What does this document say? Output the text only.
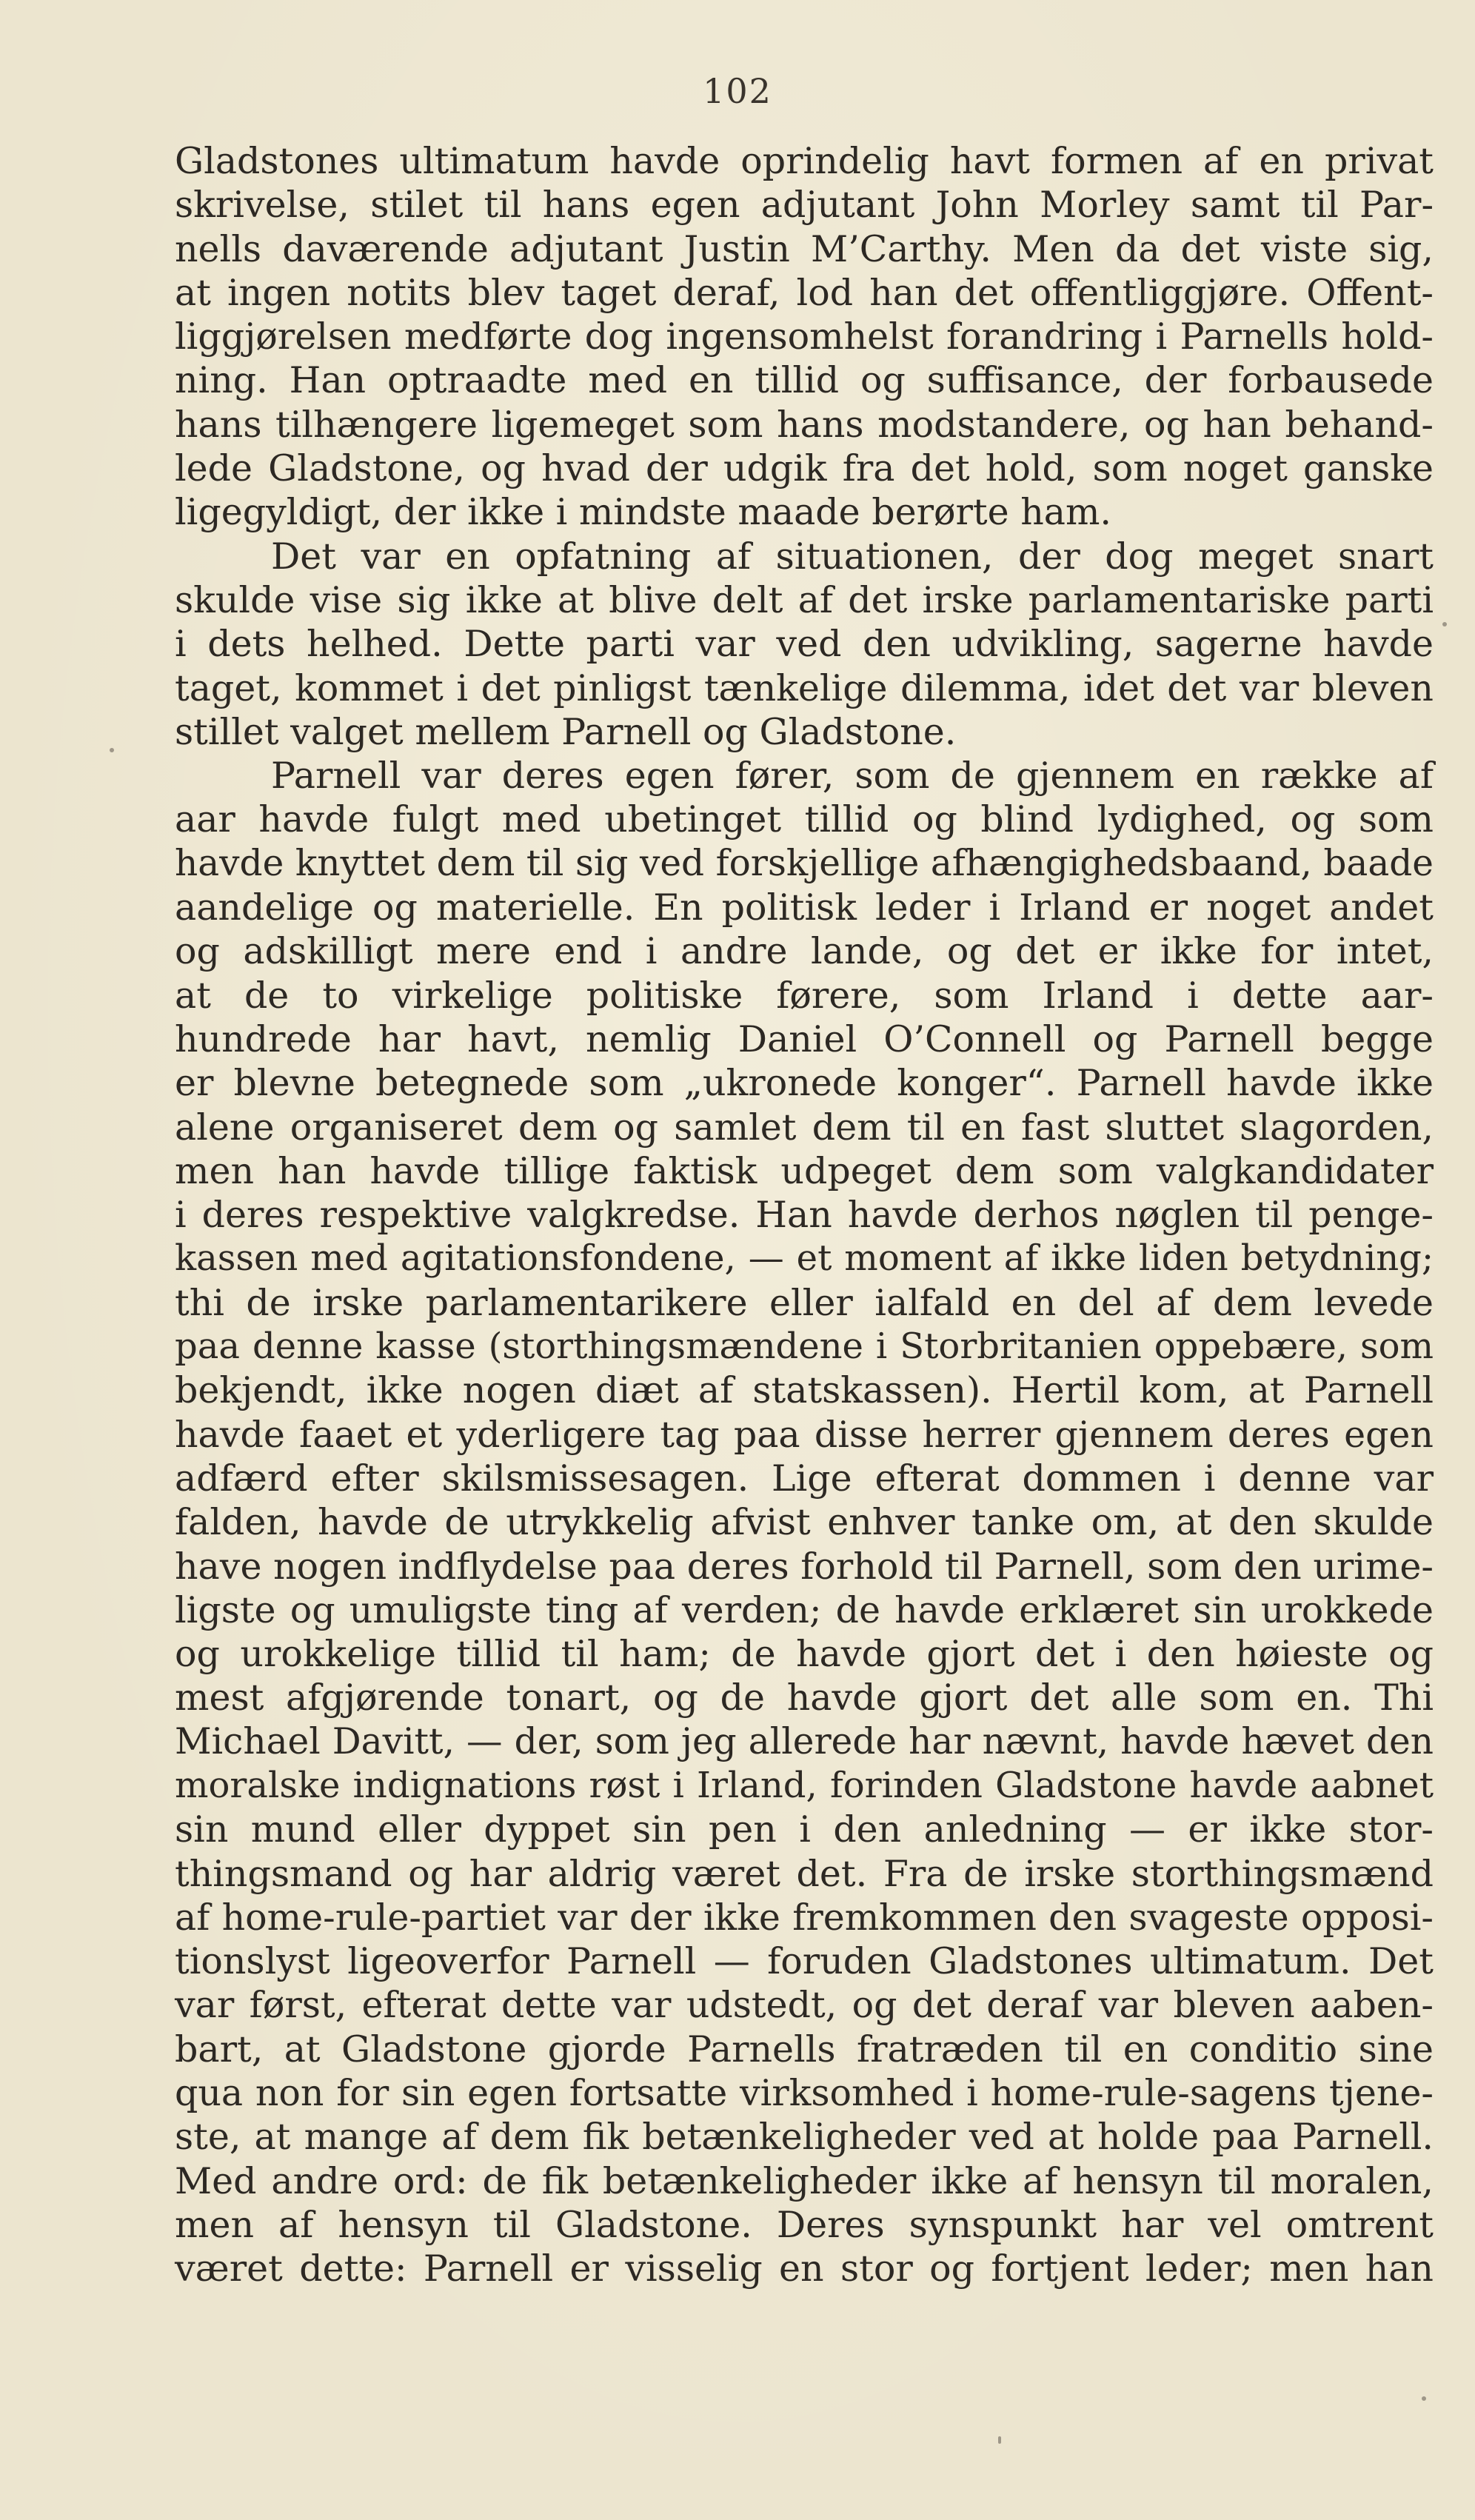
102
Gladstones ultimatum havde oprindelig havt formen af en privat
skrivelse, stilet til hans egen adjutant John Morley samt til Par-
nells daværende adjutant Justin M’Carthy. Men da det viste sig,
at ingen notits blev taget deraf, lod han det offentliggjøre. Offent-
liggjørelsen medførte dog ingensomhelst forandring i Parnells hold-
ning. Han optraadte med en tillid og suffisance, der forbausede
hans tilhængere ligemeget som hans modstandere, og han behand-
lede Gladstone, og hvad der udgik fra det hold, som noget ganske
ligegyldigt, der ikke i mindste maade berørte ham.
Det var en opfatning af situationen, der dog meget snart
skulde vise sig ikke at blive delt af det irske parlamentariske parti
i dets helhed. Dette parti var ved den udvikling, sagerne havde
taget, kommet i det pinligst tænkelige dilemma, idet det var bleven
stillet valget mellem Parnell og Gladstone.
Parnell var deres egen fører, som de gjennem en række af
aar havde fulgt med ubetinget tillid og blind lydighed, og som
havde knyttet dem til sig ved forskjellige afhængighedsbaand, baade
aandelige og materielle. En politisk leder i Irland er noget andet
og adskilligt mere end i andre lande, og det er ikke for intet,
at de to virkelige politiske førere, som Irland i dette aar-
hundrede har havt, nemlig Daniel O’Connell og Parnell begge
er blevne betegnede som „ukronede konger“. Parnell havde ikke
alene organiseret dem og samlet dem til en fast sluttet slagorden,
men han havde tillige faktisk udpeget dem som valgkandidater
i deres respektive valgkredse. Han havde derhos nøglen til penge-
kassen med agitationsfondene, — et moment af ikke liden betydning;
thi de irske parlamentarikere eller ialfald en del af dem levede
paa denne kasse (storthingsmændene i Storbritanien oppebære, som
bekjendt, ikke nogen diæt af statskassen). Hertil kom, at Parnell
havde faaet et yderligere tag paa disse herrer gjennem deres egen
adfærd efter skilsmissesagen. Lige efterat dommen i denne var
falden, havde de utrykkelig afvist enhver tanke om, at den skulde
have nogen indflydelse paa deres forhold til Parnell, som den urime-
ligste og umuligste ting af verden; de havde erklæret sin urokkede
og urokkelige tillid til ham; de havde gjort det i den høieste og
mest afgjørende tonart, og de havde gjort det alle som en. Thi
Michael Davitt, — der, som jeg allerede har nævnt, havde hævet den
moralske indignations røst i Irland, forinden Gladstone havde aabnet
sin mund eller dyppet sin pen i den anledning — er ikke stor-
thingsmand og har aldrig været det. Fra de irske storthingsmænd
af home-rule-partiet var der ikke fremkommen den svageste opposi-
tionslyst ligeoverfor Parnell — foruden Gladstones ultimatum. Det
var først, efterat dette var udstedt, og det deraf var bleven aaben-
bart, at Gladstone gjorde Parnells fratræden til en conditio sine
qua non for sin egen fortsatte virksomhed i home-rule-sagens tjene-
ste, at mange af dem fik betænkeligheder ved at holde paa Parnell.
Med andre ord: de fik betænkeligheder ikke af hensyn til moralen,
men af hensyn til Gladstone. Deres synspunkt har vel omtrent
været dette: Parnell er visselig en stor og fortjent leder; men han
